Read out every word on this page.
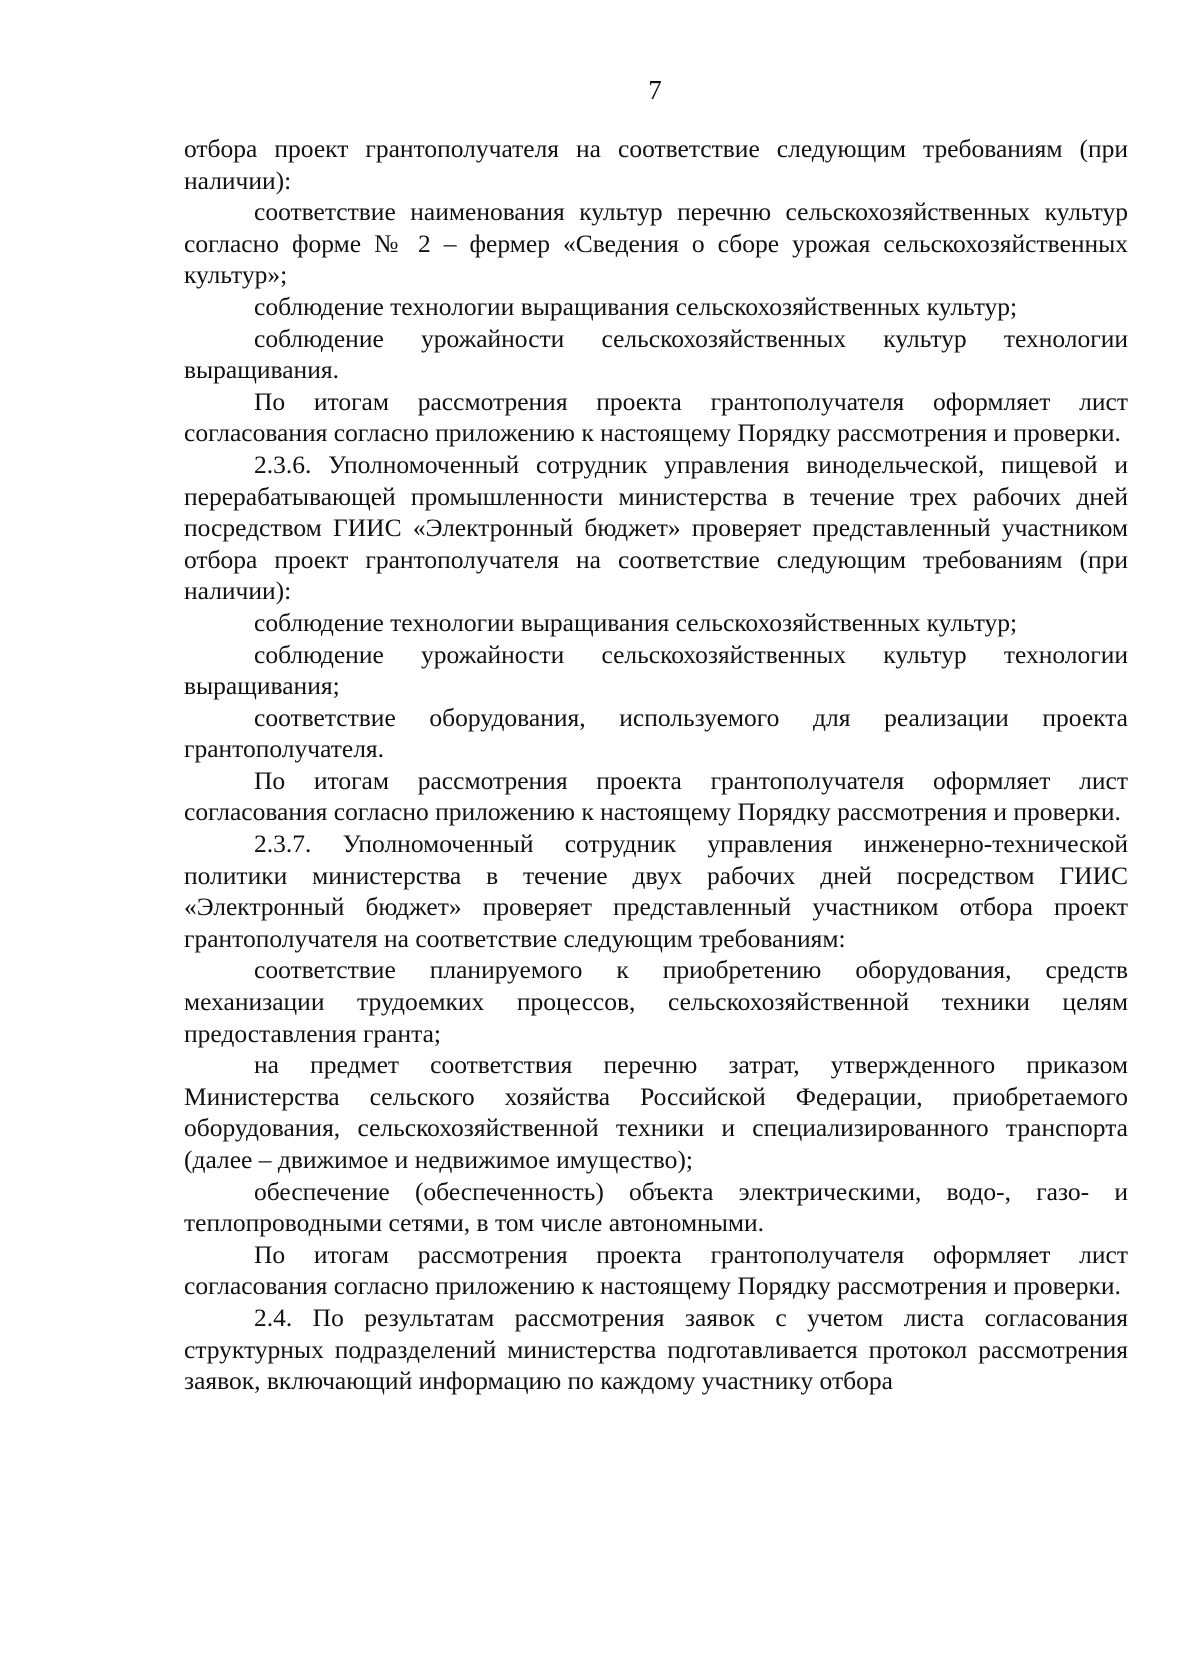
7

отбора проект грантополучателя на соответствие следующим требованиям (при наличии):

соответствие наименования культур перечню сельскохозяйственных культур согласно форме № 2 – фермер «Сведения о сборе урожая сельскохозяйственных культур»;

соблюдение технологии выращивания сельскохозяйственных культур;

соблюдение урожайности сельскохозяйственных культур технологии выращивания.

По итогам рассмотрения проекта грантополучателя оформляет лист согласования согласно приложению к настоящему Порядку рассмотрения и проверки.

2.3.6. Уполномоченный сотрудник управления винодельческой, пищевой и перерабатывающей промышленности министерства в течение трех рабочих дней посредством ГИИС «Электронный бюджет» проверяет представленный участником отбора проект грантополучателя на соответствие следующим требованиям (при наличии):

соблюдение технологии выращивания сельскохозяйственных культур;

соблюдение урожайности сельскохозяйственных культур технологии выращивания;

соответствие оборудования, используемого для реализации проекта грантополучателя.

По итогам рассмотрения проекта грантополучателя оформляет лист согласования согласно приложению к настоящему Порядку рассмотрения и проверки.

2.3.7. Уполномоченный сотрудник управления инженерно-технической политики министерства в течение двух рабочих дней посредством ГИИС «Электронный бюджет» проверяет представленный участником отбора проект грантополучателя на соответствие следующим требованиям:

соответствие планируемого к приобретению оборудования, средств механизации трудоемких процессов, сельскохозяйственной техники целям предоставления гранта;

на предмет соответствия перечню затрат, утвержденного приказом Министерства сельского хозяйства Российской Федерации, приобретаемого оборудования, сельскохозяйственной техники и специализированного транспорта (далее – движимое и недвижимое имущество);

обеспечение (обеспеченность) объекта электрическими, водо-, газо- и теплопроводными сетями, в том числе автономными.

По итогам рассмотрения проекта грантополучателя оформляет лист согласования согласно приложению к настоящему Порядку рассмотрения и проверки.

2.4. По результатам рассмотрения заявок с учетом листа согласования структурных подразделений министерства подготавливается протокол рассмотрения заявок, включающий информацию по каждому участнику отбора
